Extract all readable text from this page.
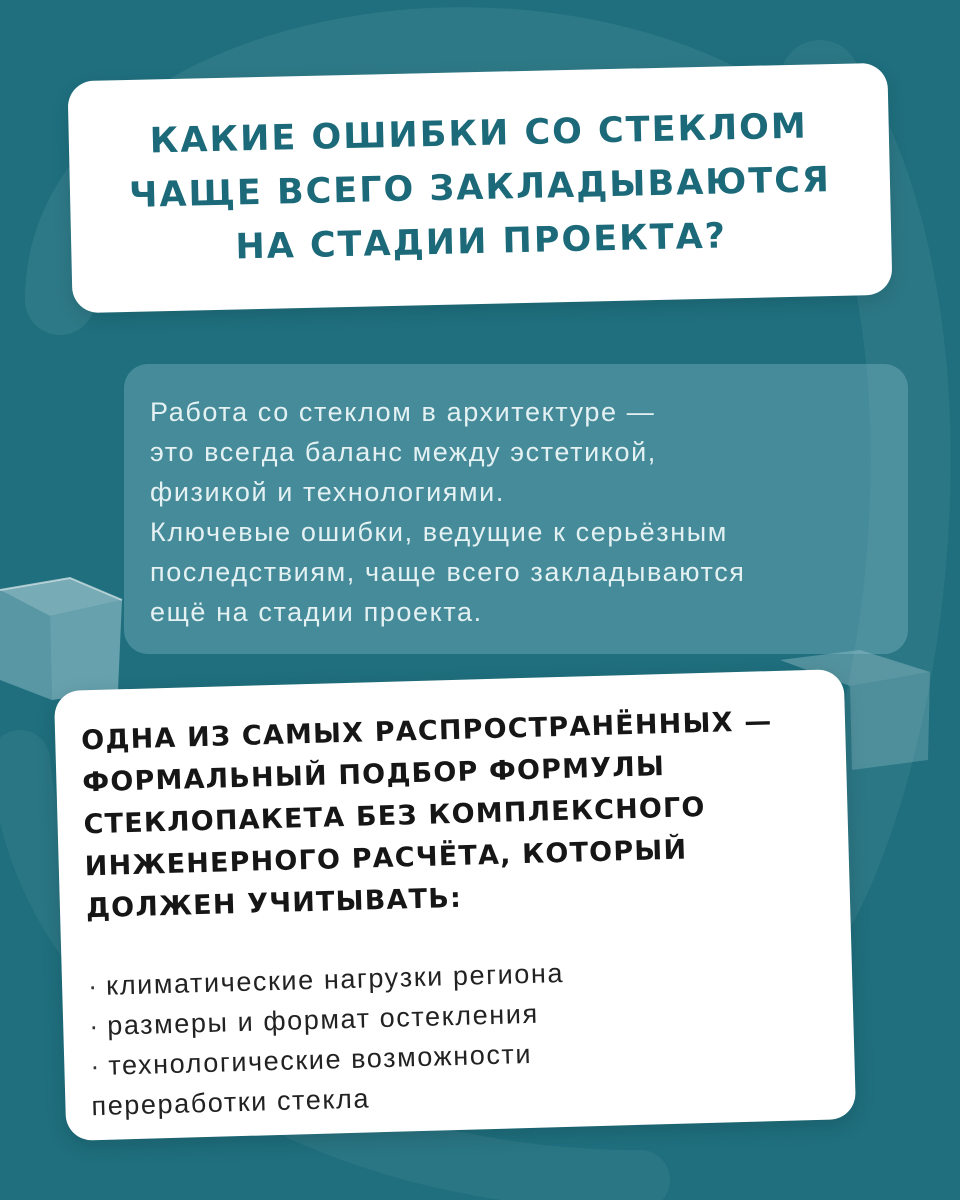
КАКИЕ ОШИБКИ СО СТЕКЛОМ
ЧАЩЕ ВСЕГО ЗАКЛАДЫВАЮТСЯ
НА СТАДИИ ПРОЕКТА?

Работа со стеклом в архитектуре —
это всегда баланс между эстетикой,
физикой и технологиями.
Ключевые ошибки, ведущие к серьёзным
последствиям, чаще всего закладываются
ещё на стадии проекта.

ОДНА ИЗ САМЫХ РАСПРОСТРАНЁННЫХ —
ФОРМАЛЬНЫЙ ПОДБОР ФОРМУЛЫ
СТЕКЛОПАКЕТА БЕЗ КОМПЛЕКСНОГО
ИНЖЕНЕРНОГО РАСЧЁТА, КОТОРЫЙ
ДОЛЖЕН УЧИТЫВАТЬ:
· климатические нагрузки региона
· размеры и формат остекления
· технологические возможности
переработки стекла
